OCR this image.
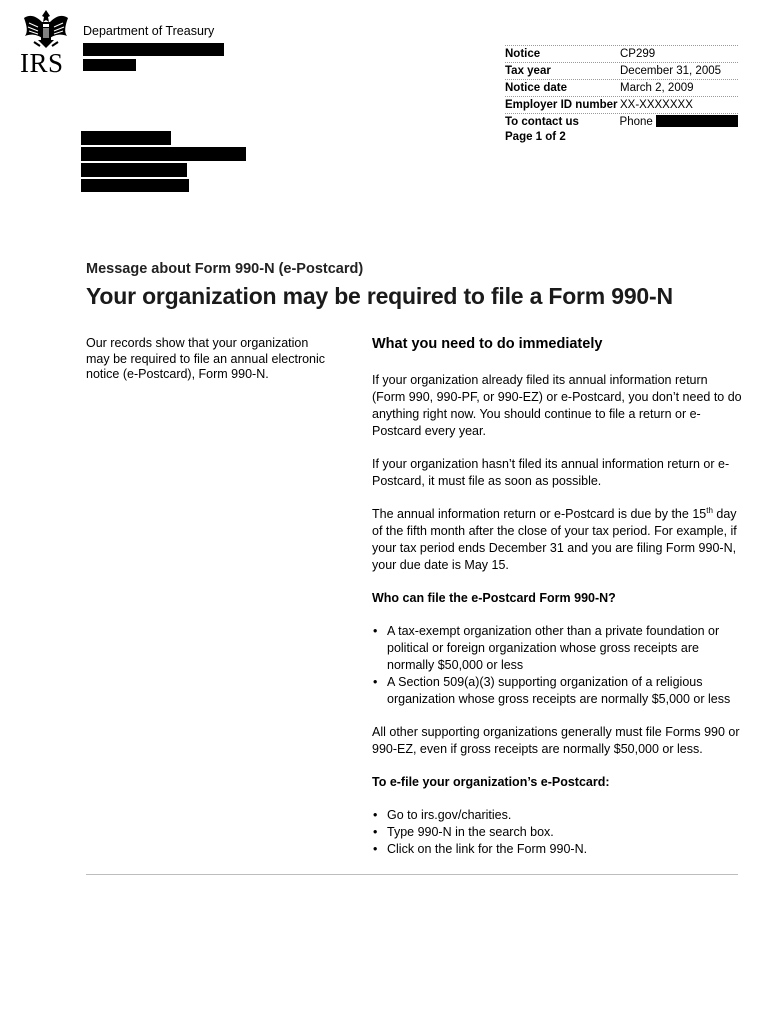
IRS
Department of Treasury
Notice	CP299
Tax year	December 31, 2005
Notice date	March 2, 2009
Employer ID number XX-XXXXXXX
To contact us	Phone
Page 1 of 2
Message about Form 990-N (e-Postcard)
Your organization may be required to file a Form 990-N
Our records show that your organization may be required to file an annual electronic notice (e-Postcard), Form 990-N.
What you need to do immediately

If your organization already filed its annual information return (Form 990, 990-PF, or 990-EZ) or e-Postcard, you don’t need to do anything right now. You should continue to file a return or e-Postcard every year.

If your organization hasn’t filed its annual information return or e-Postcard, it must file as soon as possible.

The annual information return or e-Postcard is due by the 15th day of the fifth month after the close of your tax period. For example, if your tax period ends December 31 and you are filing Form 990-N, your due date is May 15.

Who can file the e-Postcard Form 990-N?
• A tax-exempt organization other than a private foundation or political or foreign organization whose gross receipts are normally $50,000 or less
• A Section 509(a)(3) supporting organization of a religious organization whose gross receipts are normally $5,000 or less

All other supporting organizations generally must file Forms 990 or 990-EZ, even if gross receipts are normally $50,000 or less.

To e-file your organization’s e-Postcard:
• Go to irs.gov/charities.
• Type 990-N in the search box.
• Click on the link for the Form 990-N.
